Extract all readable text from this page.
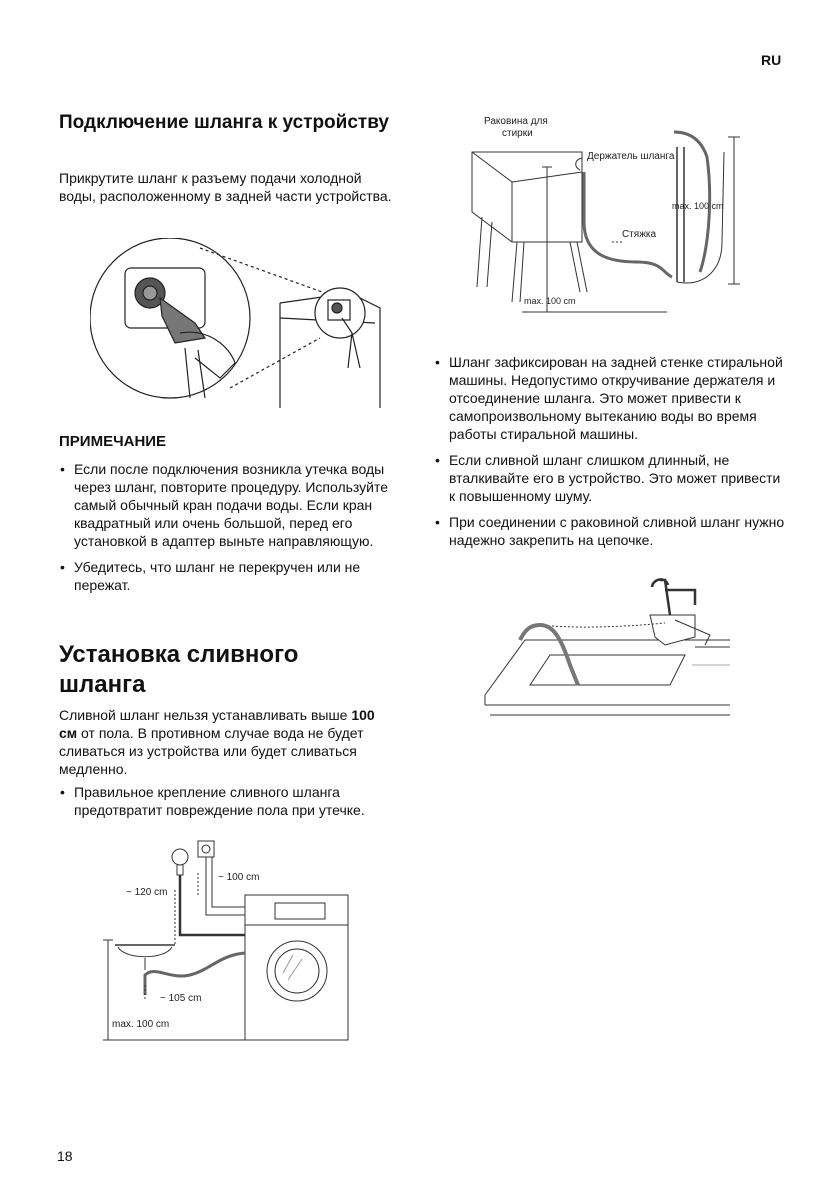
RU
Подключение шланга к устройству
Прикрутите шланг к разъему подачи холодной воды, расположенному в задней части устройства.
ПРИМЕЧАНИЕ
• Если после подключения возникла утечка воды через шланг, повторите процедуру. Используйте самый обычный кран подачи воды. Если кран квадратный или очень большой, перед его установкой в адаптер выньте направляющую.
• Убедитесь, что шланг не перекручен или не пережат.
Установка сливного шланга
Сливной шланг нельзя устанавливать выше 100 см от пола. В противном случае вода не будет сливаться из устройства или будет сливаться медленно.
• Правильное крепление сливного шланга предотвратит повреждение пола при утечке.
~ 100 cm
~ 120 cm
~ 105 cm
max. 100 cm
Раковина для
стирки
Держатель шланга
Стяжка
max. 100 cm
max. 100 cm
• Шланг зафиксирован на задней стенке стиральной машины. Недопустимо откручивание держателя и отсоединение шланга. Это может привести к самопроизвольному вытеканию воды во время работы стиральной машины.
• Если сливной шланг слишком длинный, не вталкивайте его в устройство. Это может привести к повышенному шуму.
• При соединении с раковиной сливной шланг нужно надежно закрепить на цепочке.
18
